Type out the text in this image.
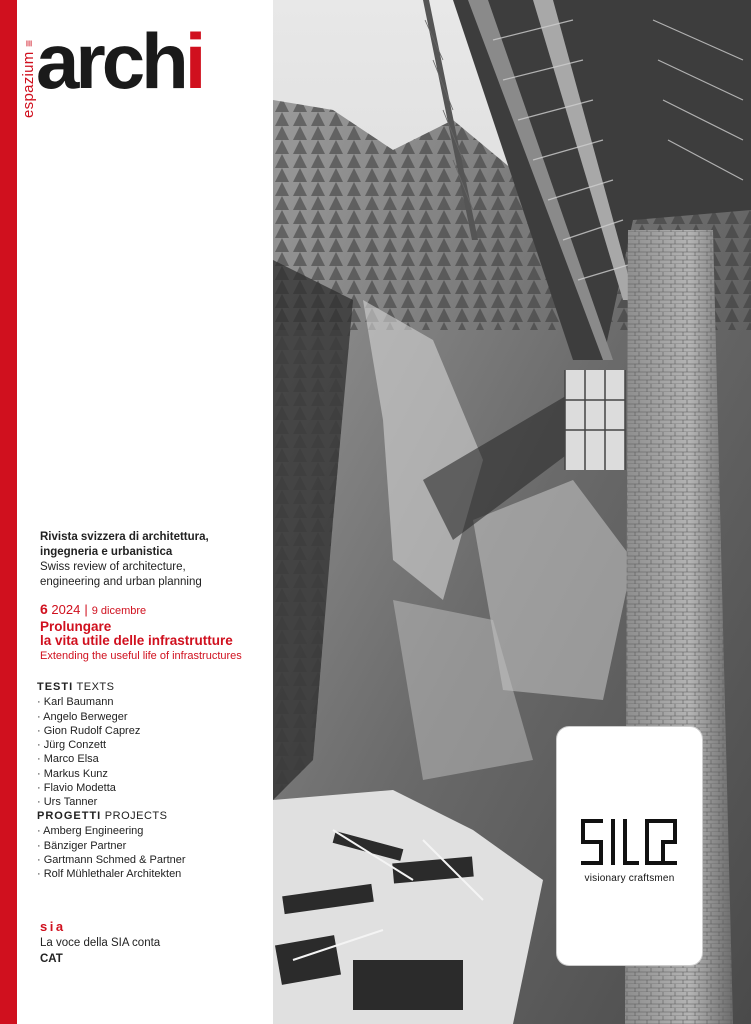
espazium ≡ archi
Rivista svizzera di architettura,
ingegneria e urbanistica
Swiss review of architecture,
engineering and urban planning
6 2024 | 9 dicembre
Prolungare
la vita utile delle infrastrutture
Extending the useful life of infrastructures
TESTI TEXTS
· Karl Baumann
· Angelo Berweger
· Gion Rudolf Caprez
· Jürg Conzett
· Marco Elsa
· Markus Kunz
· Flavio Modetta
· Urs Tanner
PROGETTI PROJECTS
· Amberg Engineering
· Bänziger Partner
· Gartmann Schmed & Partner
· Rolf Mühlethaler Architekten
sia
La voce della SIA conta
CAT
visionary craftsmen
